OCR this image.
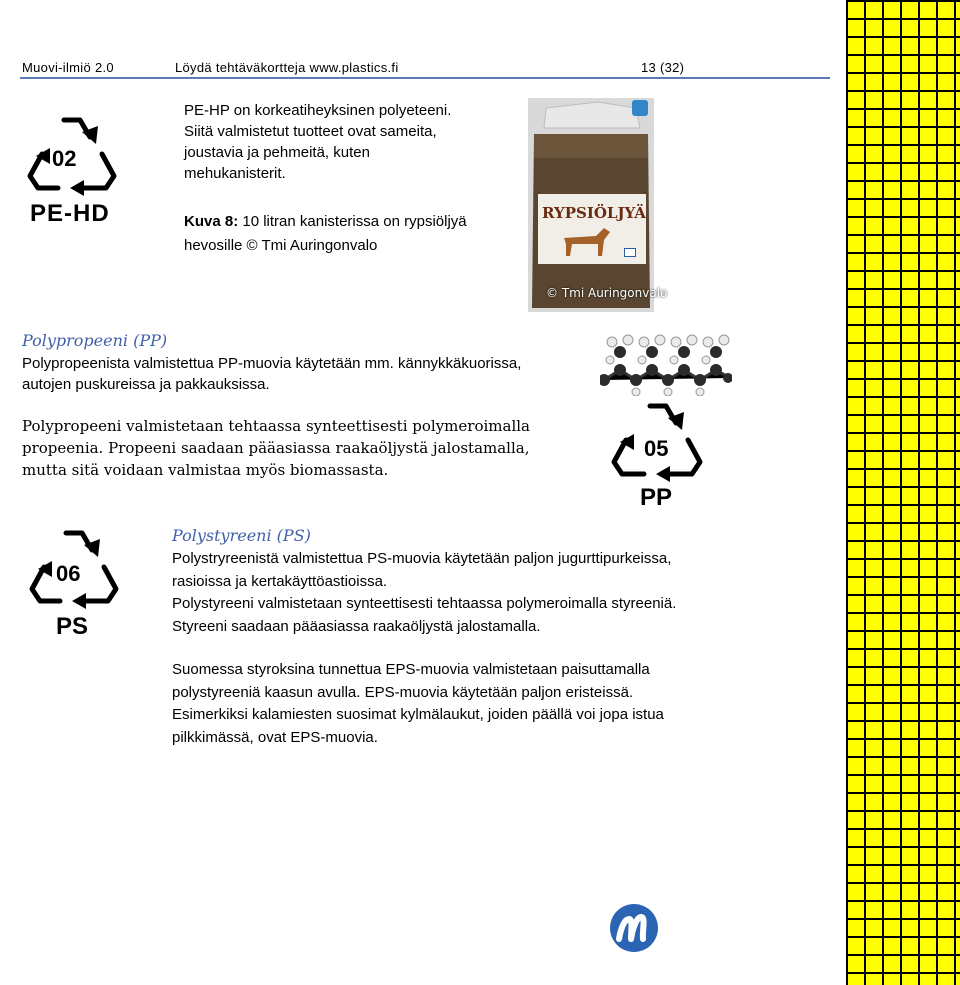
Muovi-ilmiö 2.0	Löydä tehtäväkortteja www.plastics.fi	13 (32)
02
PE-HD
PE-HP on korkeatiheyksinen polyeteeni.
Siitä valmistetut tuotteet ovat sameita,
joustavia ja pehmeitä, kuten
mehukanisterit.
Kuva 8: 10 litran kanisterissa on rypsiöljyä
hevosille © Tmi Auringonvalo
RYPSIÖLJYÄ
© Tmi Auringonvalo
Polypropeeni (PP)
Polypropeenista valmistettua PP-muovia käytetään mm. kännykkäkuorissa,
autojen puskureissa ja pakkauksissa.
Polypropeeni valmistetaan tehtaassa synteettisesti polymeroimalla
propeenia. Propeeni saadaan pääasiassa raakaöljystä jalostamalla,
mutta sitä voidaan valmistaa myös biomassasta.
05
PP
06
PS
Polystyreeni (PS)
Polystryreenistä valmistettua PS-muovia käytetään paljon jugurttipurkeissa,
rasioissa ja kertakäyttöastioissa.
Polystyreeni valmistetaan synteettisesti tehtaassa polymeroimalla styreeniä.
Styreeni saadaan pääasiassa raakaöljystä jalostamalla.
Suomessa styroksina tunnettua EPS-muovia valmistetaan paisuttamalla
polystyreeniä kaasun avulla. EPS-muovia käytetään paljon eristeissä.
Esimerkiksi kalamiesten suosimat kylmälaukut, joiden päällä voi jopa istua
pilkkimässä, ovat EPS-muovia.
